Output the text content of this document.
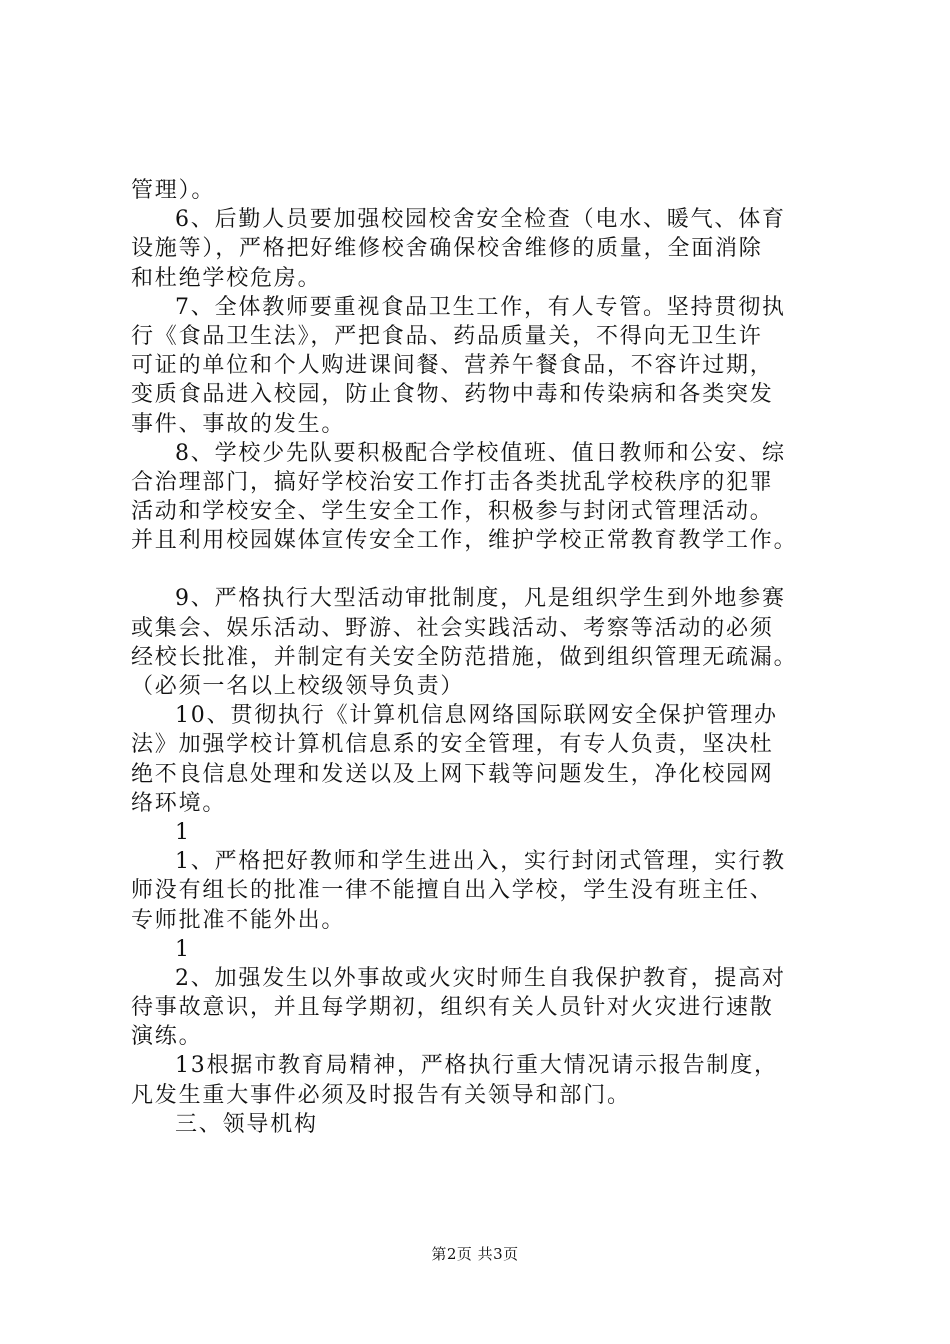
管理）。
6、后勤人员要加强校园校舍安全检查（电水、暖气、体育
设施等），严格把好维修校舍确保校舍维修的质量，全面消除
和杜绝学校危房。
7、全体教师要重视食品卫生工作，有人专管。坚持贯彻执
行《食品卫生法》，严把食品、药品质量关，不得向无卫生许
可证的单位和个人购进课间餐、营养午餐食品，不容许过期，
变质食品进入校园，防止食物、药物中毒和传染病和各类突发
事件、事故的发生。
8、学校少先队要积极配合学校值班、值日教师和公安、综
合治理部门，搞好学校治安工作打击各类扰乱学校秩序的犯罪
活动和学校安全、学生安全工作，积极参与封闭式管理活动。
并且利用校园媒体宣传安全工作，维护学校正常教育教学工作。
9、严格执行大型活动审批制度，凡是组织学生到外地参赛
或集会、娱乐活动、野游、社会实践活动、考察等活动的必须
经校长批准，并制定有关安全防范措施，做到组织管理无疏漏。
（必须一名以上校级领导负责）
10、贯彻执行《计算机信息网络国际联网安全保护管理办
法》加强学校计算机信息系的安全管理，有专人负责，坚决杜
绝不良信息处理和发送以及上网下载等问题发生，净化校园网
络环境。
1
1、严格把好教师和学生进出入，实行封闭式管理，实行教
师没有组长的批准一律不能擅自出入学校，学生没有班主任、
专师批准不能外出。
1
2、加强发生以外事故或火灾时师生自我保护教育，提高对
待事故意识，并且每学期初，组织有关人员针对火灾进行速散
演练。
13根据市教育局精神，严格执行重大情况请示报告制度，
凡发生重大事件必须及时报告有关领导和部门。
三、领导机构
第2页 共3页
